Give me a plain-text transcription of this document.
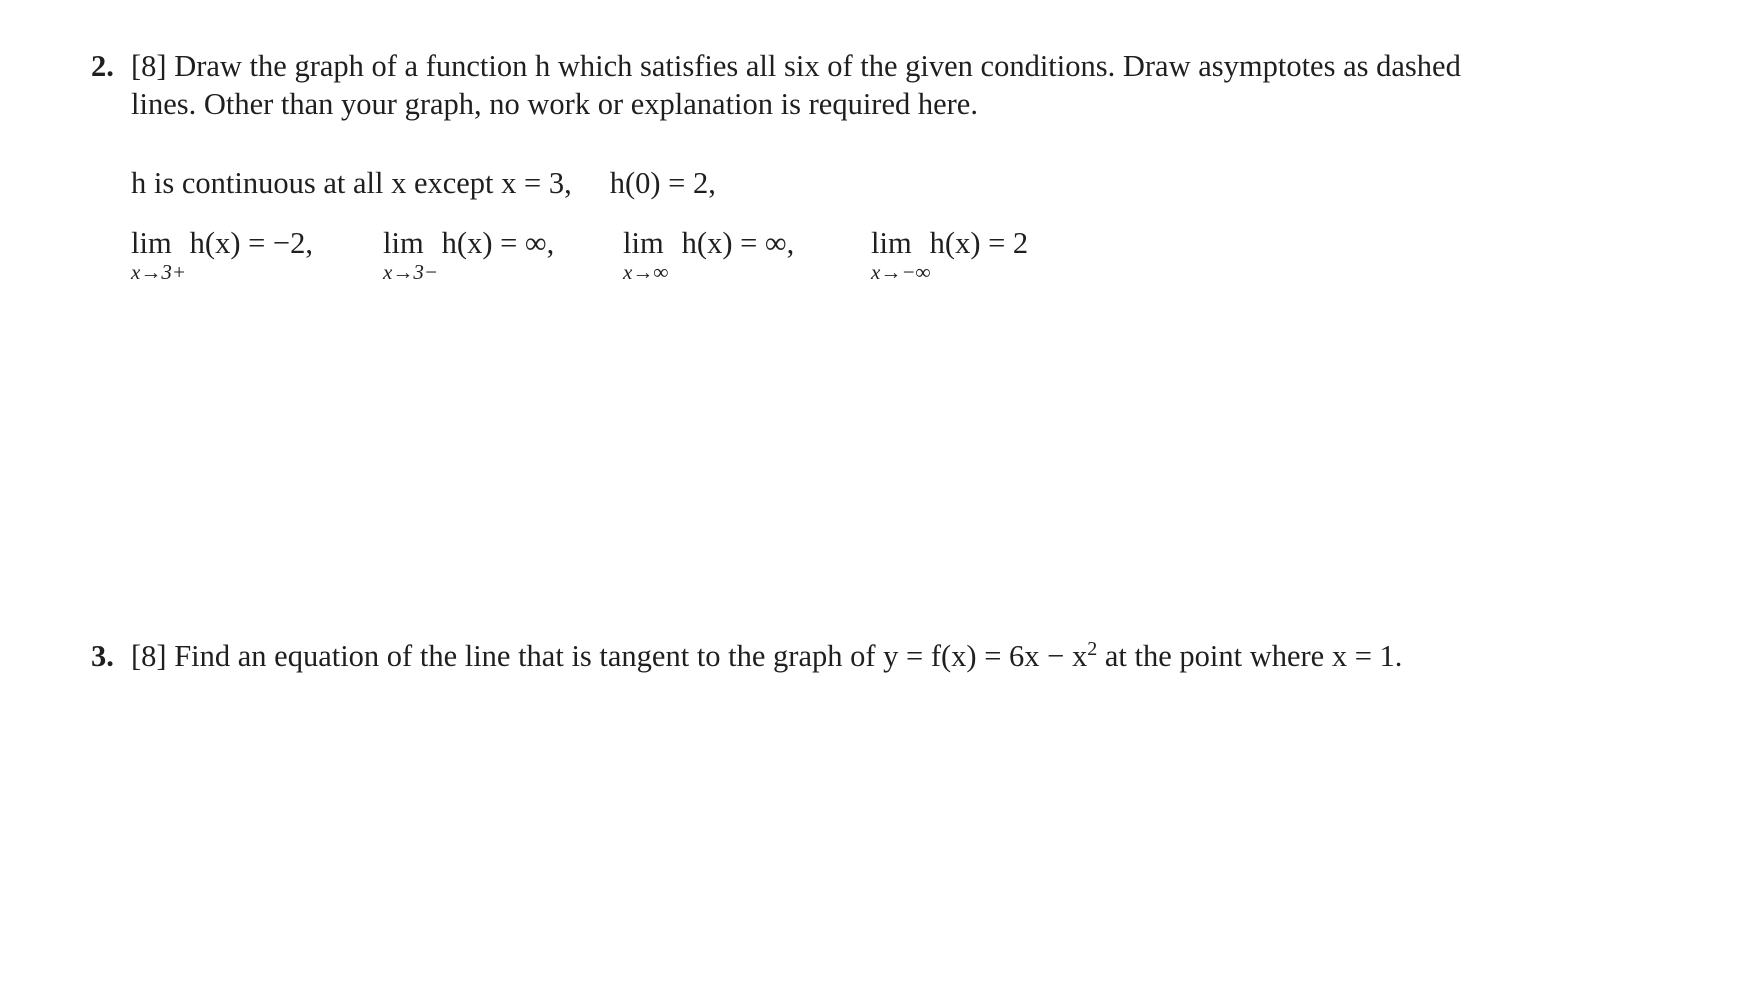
2. [8] Draw the graph of a function h which satisfies all six of the given conditions. Draw asymptotes as dashed
lines. Other than your graph, no work or explanation is required here.
h is continuous at all x except x = 3, h(0) = 2,
lim
x→3+
h(x) = −2, lim
x→3−
h(x) = ∞, lim
x→∞
h(x) = ∞,	lim
x→−∞
h(x) = 2
3. [8] Find an equation of the line that is tangent to the graph of $y = f(x) = 6x - x^2$ at the point where x = 1.
